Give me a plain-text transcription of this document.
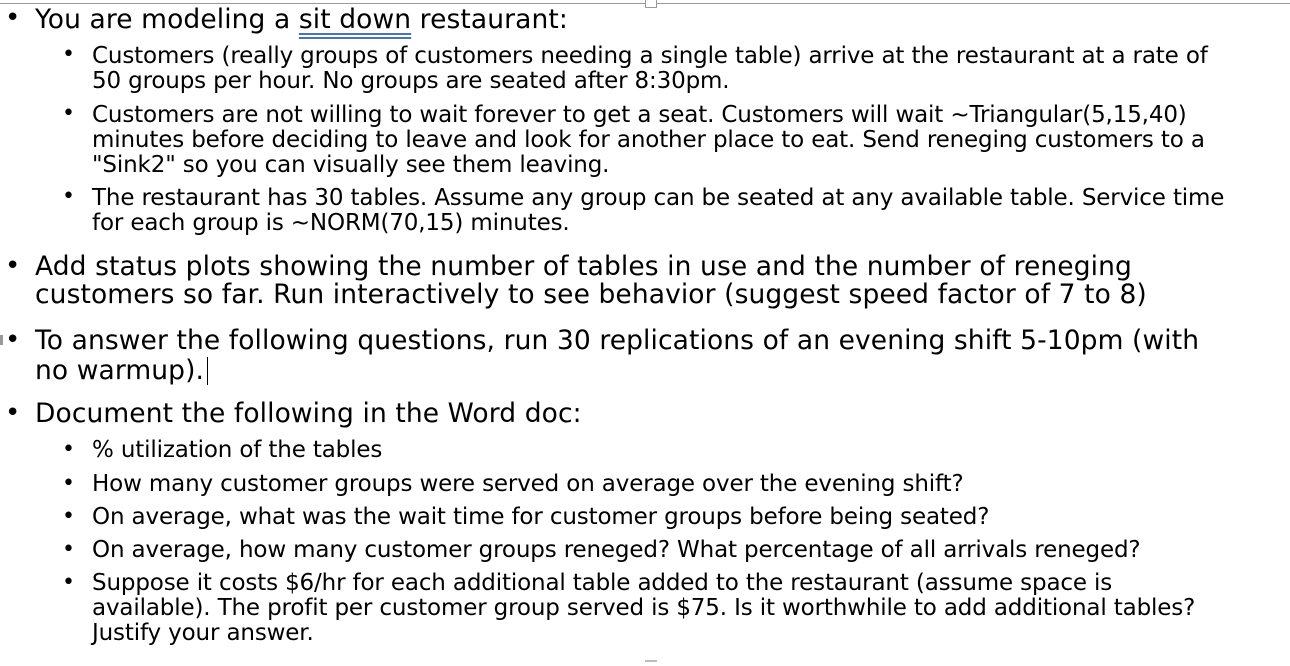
• You are modeling a sit down restaurant:
• Customers (really groups of customers needing a single table) arrive at the restaurant at a rate of
50 groups per hour. No groups are seated after 8:30pm.
• Customers are not willing to wait forever to get a seat. Customers will wait ~Triangular(5,15,40)
minutes before deciding to leave and look for another place to eat. Send reneging customers to a
"Sink2" so you can visually see them leaving.
• The restaurant has 30 tables. Assume any group can be seated at any available table. Service time
for each group is ~NORM(70,15) minutes.
• Add status plots showing the number of tables in use and the number of reneging
customers so far. Run interactively to see behavior (suggest speed factor of 7 to 8)
• To answer the following questions, run 30 replications of an evening shift 5-10pm (with
no warmup).
• Document the following in the Word doc:
• % utilization of the tables
• How many customer groups were served on average over the evening shift?
• On average, what was the wait time for customer groups before being seated?
• On average, how many customer groups reneged? What percentage of all arrivals reneged?
• Suppose it costs $6/hr for each additional table added to the restaurant (assume space is
available). The profit per customer group served is $75. Is it worthwhile to add additional tables?
Justify your answer.
